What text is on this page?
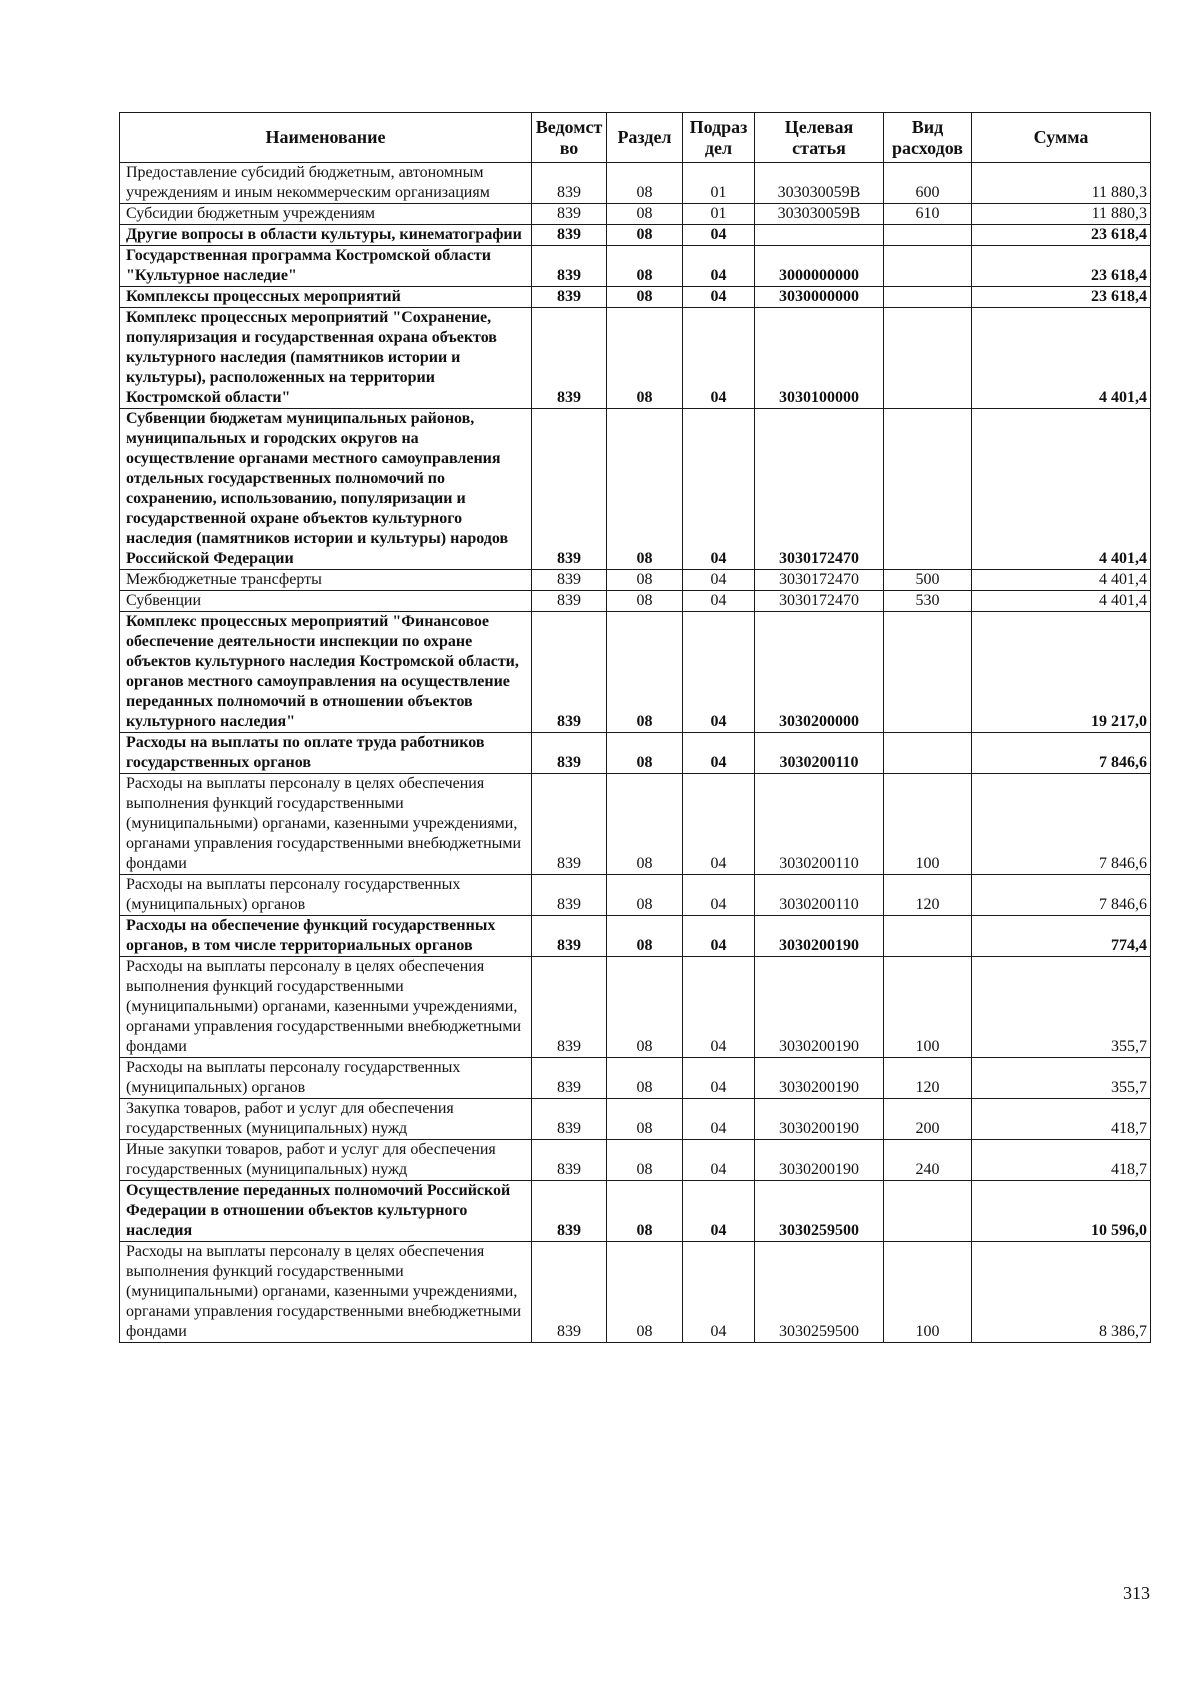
Наименование	Ведомст во	Раздел	Подраз дел	Целевая статья	Вид расходов	Сумма
Предоставление субсидий бюджетным, автономным учреждениям и иным некоммерческим организациям	839	08	01	303030059В	600	11 880,3
Субсидии бюджетным учреждениям	839	08	01	303030059В	610	11 880,3
Другие вопросы в области культуры, кинематографии	839	08	04			23 618,4
Государственная программа Костромской области "Культурное наследие"	839	08	04	3000000000		23 618,4
Комплексы процессных мероприятий	839	08	04	3030000000		23 618,4
Комплекс процессных мероприятий "Сохранение, популяризация и государственная охрана объектов культурного наследия (памятников истории и культуры), расположенных на территории Костромской области"	839	08	04	3030100000		4 401,4
Субвенции бюджетам муниципальных районов, муниципальных и городских округов на осуществление органами местного самоуправления отдельных государственных полномочий по сохранению, использованию, популяризации и государственной охране объектов культурного наследия (памятников истории и культуры) народов Российской Федерации	839	08	04	3030172470		4 401,4
Межбюджетные трансферты	839	08	04	3030172470	500	4 401,4
Субвенции	839	08	04	3030172470	530	4 401,4
Комплекс процессных мероприятий "Финансовое обеспечение деятельности инспекции по охране объектов культурного наследия Костромской области, органов местного самоуправления на осуществление переданных полномочий в отношении объектов культурного наследия"	839	08	04	3030200000		19 217,0
Расходы на выплаты по оплате труда работников государственных органов	839	08	04	3030200110		7 846,6
Расходы на выплаты персоналу в целях обеспечения выполнения функций государственными (муниципальными) органами, казенными учреждениями, органами управления государственными внебюджетными фондами	839	08	04	3030200110	100	7 846,6
Расходы на выплаты персоналу государственных (муниципальных) органов	839	08	04	3030200110	120	7 846,6
Расходы на обеспечение функций государственных органов, в том числе территориальных органов	839	08	04	3030200190		774,4
Расходы на выплаты персоналу в целях обеспечения выполнения функций государственными (муниципальными) органами, казенными учреждениями, органами управления государственными внебюджетными фондами	839	08	04	3030200190	100	355,7
Расходы на выплаты персоналу государственных (муниципальных) органов	839	08	04	3030200190	120	355,7
Закупка товаров, работ и услуг для обеспечения государственных (муниципальных) нужд	839	08	04	3030200190	200	418,7
Иные закупки товаров, работ и услуг для обеспечения государственных (муниципальных) нужд	839	08	04	3030200190	240	418,7
Осуществление переданных полномочий Российской Федерации в отношении объектов культурного наследия	839	08	04	3030259500		10 596,0
Расходы на выплаты персоналу в целях обеспечения выполнения функций государственными (муниципальными) органами, казенными учреждениями, органами управления государственными внебюджетными фондами	839	08	04	3030259500	100	8 386,7
313
